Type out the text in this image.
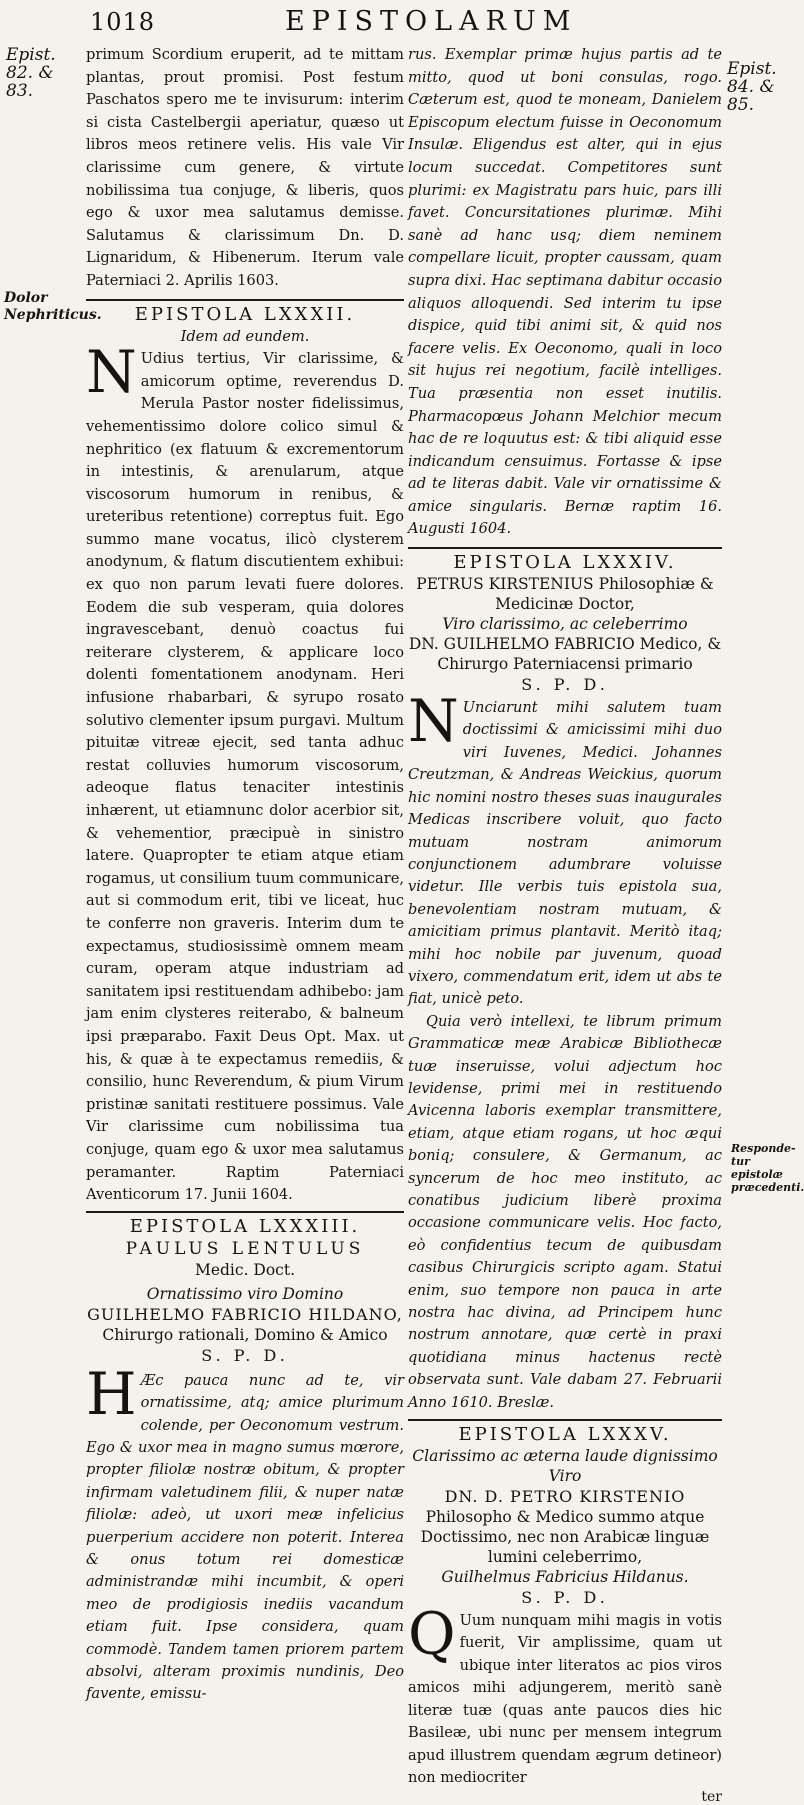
1018	EPISTOLARUM
Epist. 82. & 83.
Epist. 84. & 85.
Dolor Nephriticus.
Responde-tur epistolæ præcedenti.

primum Scordium eruperit, ad te mittam plantas, prout promisi. Post festum Paschatos spero me te invisurum: interim si cista Castelbergii aperiatur, quæso ut libros meos retinere velis. His vale Vir clarissime cum genere, & virtute nobilissima tua conjuge, & liberis, quos ego & uxor mea salutamus demisse. Salutamus & clarissimum Dn. D. Lignaridum, & Hibenerum. Iterum vale Paterniaci 2. Aprilis 1603.

EPISTOLA LXXXII.
Idem ad eundem.

N Udius tertius, Vir clarissime, & amicorum optime, reverendus D. Merula Pastor noster fidelissimus, vehementissimo dolore colico simul & nephritico (ex flatuum & excrementorum in intestinis, & arenularum, atque viscosorum humorum in renibus, & ureteribus retentione) correptus fuit. Ego summo mane vocatus, ilicò clysterem anodynum, & flatum discutientem exhibui: ex quo non parum levati fuere dolores. Eodem die sub vesperam, quia dolores ingravescebant, denuò coactus fui reiterare clysterem, & applicare loco dolenti fomentationem anodynam. Heri infusione rhabarbari, & syrupo rosato solutivo clementer ipsum purgavi. Multum pituitæ vitreæ ejecit, sed tanta adhuc restat colluvies humorum viscosorum, adeoque flatus tenaciter intestinis inhærent, ut etiamnunc dolor acerbior sit, & vehementior, præcipuè in sinistro latere. Quapropter te etiam atque etiam rogamus, ut consilium tuum communicare, aut si commodum erit, tibi ve liceat, huc te conferre non graveris. Interim dum te expectamus, studiosissimè omnem meam curam, operam atque industriam ad sanitatem ipsi restituendam adhibebo: jam jam enim clysteres reiterabo, & balneum ipsi præparabo. Faxit Deus Opt. Max. ut his, & quæ à te expectamus remediis, & consilio, hunc Reverendum, & pium Virum pristinæ sanitati restituere possimus. Vale Vir clarissime cum nobilissima tua conjuge, quam ego & uxor mea salutamus peramanter. Raptim Paterniaci Aventicorum 17. Junii 1604.

EPISTOLA LXXXIII.
PAULUS LENTULUS
Medic. Doct.
Ornatissimo viro Domino
GUILHELMO FABRICIO HILDANO,
Chirurgo rationali, Domino & Amico
S. P. D.

H Æc pauca nunc ad te, vir ornatissime, atq; amice plurimum colende, per Oeconomum vestrum. Ego & uxor mea in magno sumus mœrore, propter filiolæ nostræ obitum, & propter infirmam valetudinem filii, & nuper natæ filiolæ: adeò, ut uxori meæ infelicius puerperium accidere non poterit. Interea & onus totum rei domesticæ administrandæ mihi incumbit, & operi meo de prodigiosis inediis vacandum etiam fuit. Ipse considera, quam commodè. Tandem tamen priorem partem absolvi, alteram proximis nundinis, Deo favente, emissu-

rus. Exemplar primæ hujus partis ad te mitto, quod ut boni consulas, rogo. Cæterum est, quod te moneam, Danielem Episcopum electum fuisse in Oeconomum Insulæ. Eligendus est alter, qui in ejus locum succedat. Competitores sunt plurimi: ex Magistratu pars huic, pars illi favet. Concursitationes plurimæ. Mihi sanè ad hanc usq; diem neminem compellare licuit, propter caussam, quam supra dixi. Hac septimana dabitur occasio aliquos alloquendi. Sed interim tu ipse dispice, quid tibi animi sit, & quid nos facere velis. Ex Oeconomo, quali in loco sit hujus rei negotium, facilè intelliges. Tua præsentia non esset inutilis. Pharmacopœus Johann Melchior mecum hac de re loquutus est: & tibi aliquid esse indicandum censuimus. Fortasse & ipse ad te literas dabit. Vale vir ornatissime & amice singularis. Bernæ raptim 16. Augusti 1604.

EPISTOLA LXXXIV.
PETRUS KIRSTENIUS Philosophiæ & Medicinæ Doctor,
Viro clarissimo, ac celeberrimo
DN. GUILHELMO FABRICIO Medico, & Chirurgo Paterniacensi primario
S. P. D.

N Unciarunt mihi salutem tuam doctissimi & amicissimi mihi duo viri Iuvenes, Medici. Johannes Creutzman, & Andreas Weickius, quorum hic nomini nostro theses suas inaugurales Medicas inscribere voluit, quo facto mutuam nostram animorum conjunctionem adumbrare voluisse videtur. Ille verbis tuis epistola sua, benevolentiam nostram mutuam, & amicitiam primus plantavit. Meritò itaq; mihi hoc nobile par juvenum, quoad vixero, commendatum erit, idem ut abs te fiat, unicè peto.

Quia verò intellexi, te librum primum Grammaticæ meæ Arabicæ Bibliothecæ tuæ inseruisse, volui adjectum hoc levidense, primi mei in restituendo Avicenna laboris exemplar transmittere, etiam, atque etiam rogans, ut hoc æqui boniq; consulere, & Germanum, ac syncerum de hoc meo instituto, ac conatibus judicium liberè proxima occasione communicare velis. Hoc facto, eò confidentius tecum de quibusdam casibus Chirurgicis scripto agam. Statui enim, suo tempore non pauca in arte nostra hac divina, ad Principem hunc nostrum annotare, quæ certè in praxi quotidiana minus hactenus rectè observata sunt. Vale dabam 27. Februarii Anno 1610. Breslæ.

EPISTOLA LXXXV.
Clarissimo ac æterna laude dignissimo Viro
DN. D. PETRO KIRSTENIO
Philosopho & Medico summo atque Doctissimo, nec non Arabicæ linguæ lumini celeberrimo,
Guilhelmus Fabricius Hildanus.
S. P. D.

Q Uum nunquam mihi magis in votis fuerit, Vir amplissime, quam ut ubique inter literatos ac pios viros amicos mihi adjungerem, meritò sanè literæ tuæ (quas ante paucos dies hic Basileæ, ubi nunc per mensem integrum apud illustrem quendam ægrum detineor) non mediocriter

ter
